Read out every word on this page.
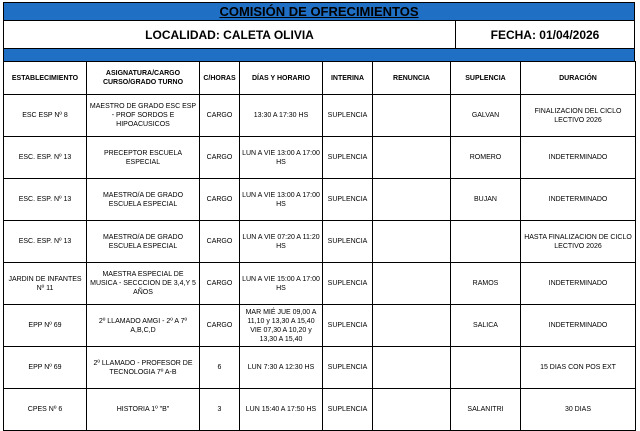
COMISIÓN DE OFRECIMIENTOS
LOCALIDAD: CALETA OLIVIA	FECHA: 01/04/2026
ESTABLECIMIENTO	ASIGNATURA/CARGO CURSO/GRADO TURNO	C/HORAS	DÍAS Y HORARIO	INTERINA	RENUNCIA	SUPLENCIA	DURACIÓN
ESC ESP Nº 8	MAESTRO DE GRADO ESC ESP - PROF SORDOS E HIPOACUSICOS	CARGO	13:30 A 17:30 HS	SUPLENCIA		GALVAN	FINALIZACION DEL CICLO LECTIVO 2026
ESC. ESP. Nº 13	PRECEPTOR ESCUELA ESPECIAL	CARGO	LUN A VIE 13:00 A 17:00 HS	SUPLENCIA		ROMERO	INDETERMINADO
ESC. ESP. Nº 13	MAESTRO/A DE GRADO ESCUELA ESPECIAL	CARGO	LUN A VIE 13:00 A 17:00 HS	SUPLENCIA		BUJAN	INDETERMINADO
ESC. ESP. Nº 13	MAESTRO/A DE GRADO ESCUELA ESPECIAL	CARGO	LUN A VIE 07:20 A 11:20 HS	SUPLENCIA			HASTA FINALIZACION DE CICLO LECTIVO 2026
JARDIN DE INFANTES Nº 11	MAESTRA ESPECIAL DE MUSICA - SECCCION DE 3,4,Y 5 AÑOS	CARGO	LUN A VIE 15:00 A 17:00 HS	SUPLENCIA		RAMOS	INDETERMINADO
EPP Nº 69	2º LLAMADO AMGI - 2º A 7º A,B,C,D	CARGO	MAR MIÉ JUE 09,00 A 11,10 y 13,30 A 15,40 VIE 07,30 A 10,20 y 13,30 A 15,40	SUPLENCIA		SALICA	INDETERMINADO
EPP Nº 69	2º LLAMADO - PROFESOR DE TECNOLOGIA 7º A-B	6	LUN 7:30 A 12:30 HS	SUPLENCIA			15 DIAS CON POS EXT
CPES Nº 6	HISTORIA 1º "B"	3	LUN 15:40 A 17:50 HS	SUPLENCIA		SALANITRI	30 DIAS
